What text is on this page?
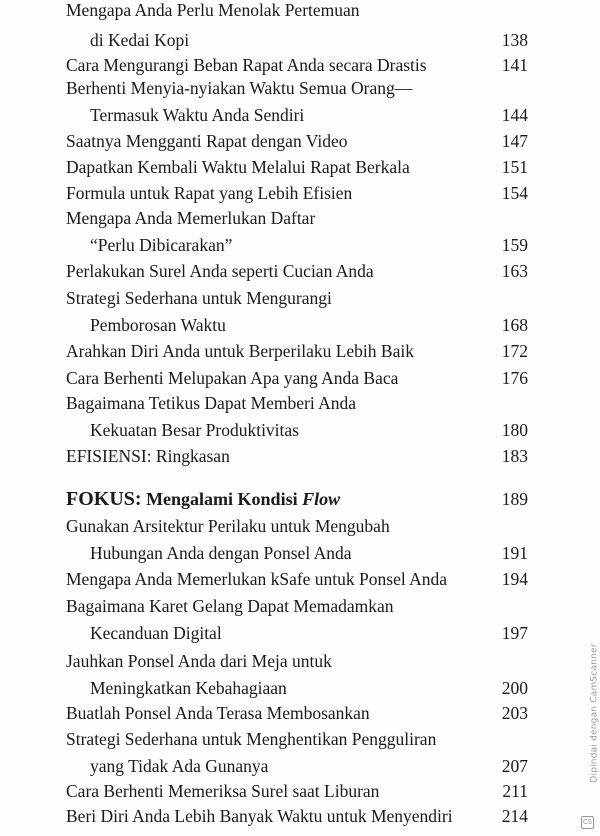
Mengapa Anda Perlu Menolak Pertemuan
di Kedai Kopi	138
Cara Mengurangi Beban Rapat Anda secara Drastis	141
Berhenti Menyia-nyiakan Waktu Semua Orang—
Termasuk Waktu Anda Sendiri	144
Saatnya Mengganti Rapat dengan Video	147
Dapatkan Kembali Waktu Melalui Rapat Berkala	151
Formula untuk Rapat yang Lebih Efisien	154
Mengapa Anda Memerlukan Daftar
“Perlu Dibicarakan”	159
Perlakukan Surel Anda seperti Cucian Anda	163
Strategi Sederhana untuk Mengurangi
Pemborosan Waktu	168
Arahkan Diri Anda untuk Berperilaku Lebih Baik	172
Cara Berhenti Melupakan Apa yang Anda Baca	176
Bagaimana Tetikus Dapat Memberi Anda
Kekuatan Besar Produktivitas	180
EFISIENSI: Ringkasan	183
FOKUS: Mengalami Kondisi Flow	189
Gunakan Arsitektur Perilaku untuk Mengubah
Hubungan Anda dengan Ponsel Anda	191
Mengapa Anda Memerlukan kSafe untuk Ponsel Anda	194
Bagaimana Karet Gelang Dapat Memadamkan
Kecanduan Digital	197
Jauhkan Ponsel Anda dari Meja untuk
Meningkatkan Kebahagiaan	200
Buatlah Ponsel Anda Terasa Membosankan	203
Strategi Sederhana untuk Menghentikan Pengguliran
yang Tidak Ada Gunanya	207
Cara Berhenti Memeriksa Surel saat Liburan	211
Beri Diri Anda Lebih Banyak Waktu untuk Menyendiri	214
Dipindai dengan CamScanner
CS
